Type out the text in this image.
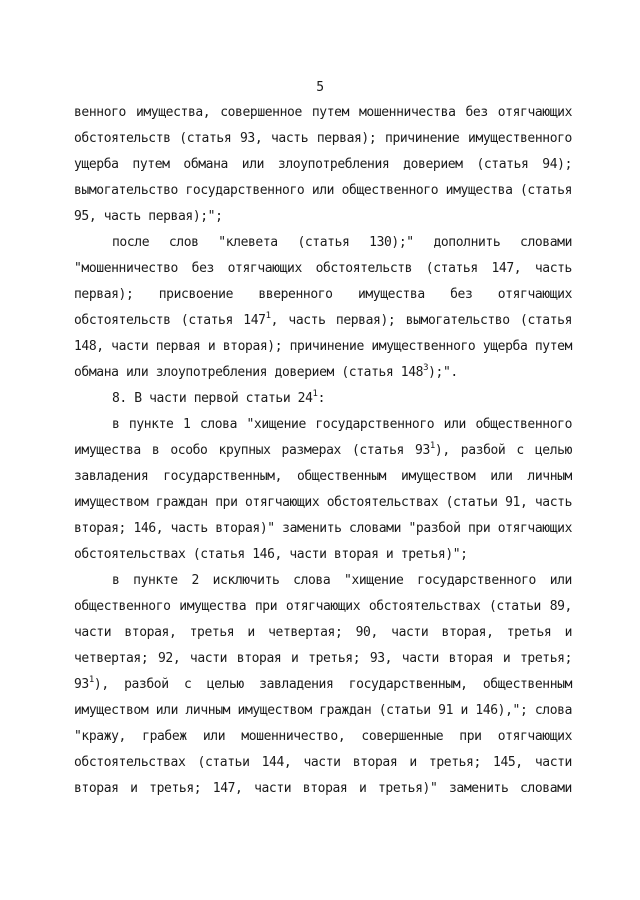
5

венного имущества, совершенное путем мошенничества без отягчающих обстоятельств (статья 93, часть первая); причинение имущественного ущерба путем обмана или злоупотребления доверием (статья 94); вымогательство государственного или общественного имущества (статья 95, часть первая);";

после слов "клевета (статья 130);" дополнить словами "мошенничество без отягчающих обстоятельств (статья 147, часть первая); присвоение вверенного имущества без отягчающих обстоятельств (статья $147^1$, часть первая); вымогательство (статья 148, части первая и вторая); причинение имущественного ущерба путем обмана или злоупотребления доверием (статья $148^3$);".

8. В части первой статьи $24^1$:

в пункте 1 слова "хищение государственного или общественного имущества в особо крупных размерах (статья $93^1$), разбой с целью завладения государственным, общественным имуществом или личным имуществом граждан при отягчающих обстоятельствах (статьи 91, часть вторая; 146, часть вторая)" заменить словами "разбой при отягчающих обстоятельствах (статья 146, части вторая и третья)";

в пункте 2 исключить слова "хищение государственного или общественного имущества при отягчающих обстоятельствах (статьи 89, части вторая, третья и четвертая; 90, части вторая, третья и четвертая; 92, части вторая и третья; 93, части вторая и третья; $93^1$), разбой с целью завладения государственным, общественным имуществом или личным имуществом граждан (статьи 91 и 146),"; слова "кражу, грабеж или мошенничество, совершенные при отягчающих обстоятельствах (статьи 144, части вторая и третья; 145, части вторая и третья; 147, части вторая и третья)" заменить словами
